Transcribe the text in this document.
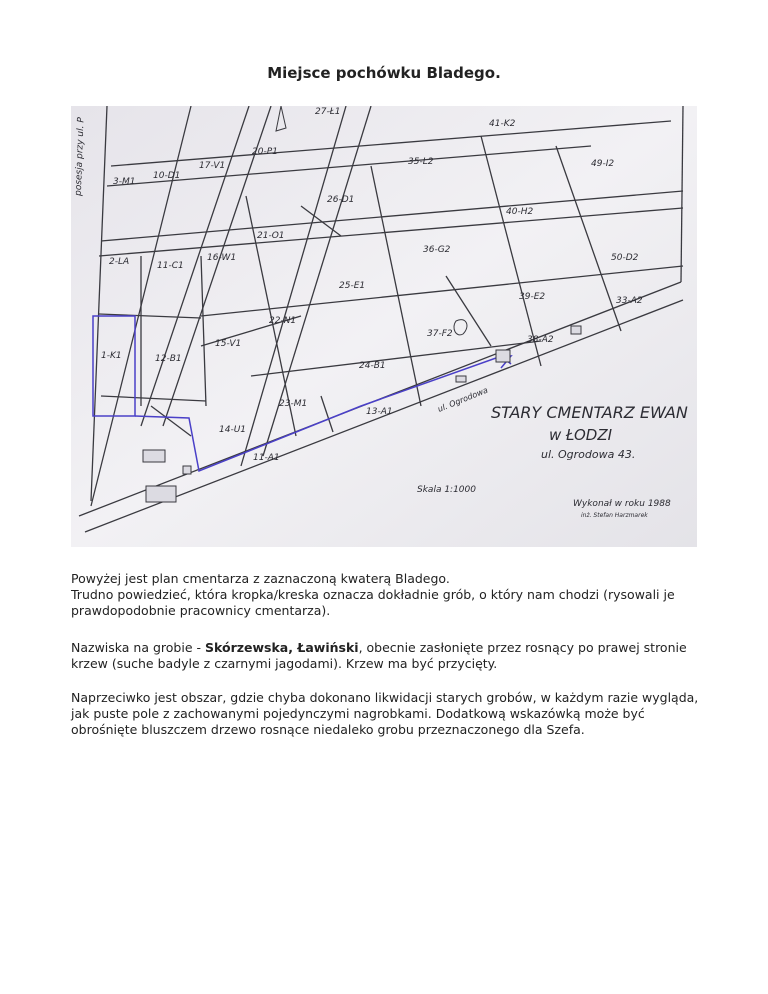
Miejsce pochówku Bladego.
posesja przy ul. P
27-Ł1
41-K2
20-P1
17-V1	35-L2	49-I2
3-M1
10-D1
26-D1
40-H2
21-O1
2-LA	11-C1
16-W1
36-G2
50-D2
25-E1
39-E2	33-A2
22-N1
1-K1	12-B1
15-V1
37-F2
38-A2
24-B1
23-M1
13-A1
14-U1
11-A1
ul. Ogrodowa STARY CMENTARZ EWAN
w ŁODZI
ul. Ogrodowa 43.
Skala 1:1000
Wykonał w roku 1988
inż. Stefan Harzmarek

Powyżej jest plan cmentarza z zaznaczoną kwaterą Bladego.
Trudno powiedzieć, która kropka/kreska oznacza dokładnie grób, o który nam chodzi (rysowali je prawdopodobnie pracownicy cmentarza).

Nazwiska na grobie - Skórzewska, Ławiński, obecnie zasłonięte przez rosnący po prawej stronie krzew (suche badyle z czarnymi jagodami). Krzew ma być przycięty.

Naprzeciwko jest obszar, gdzie chyba dokonano likwidacji starych grobów, w każdym razie wygląda, jak puste pole z zachowanymi pojedynczymi nagrobkami. Dodatkową wskazówką może być obrośnięte bluszczem drzewo rosnące niedaleko grobu przeznaczonego dla Szefa.
